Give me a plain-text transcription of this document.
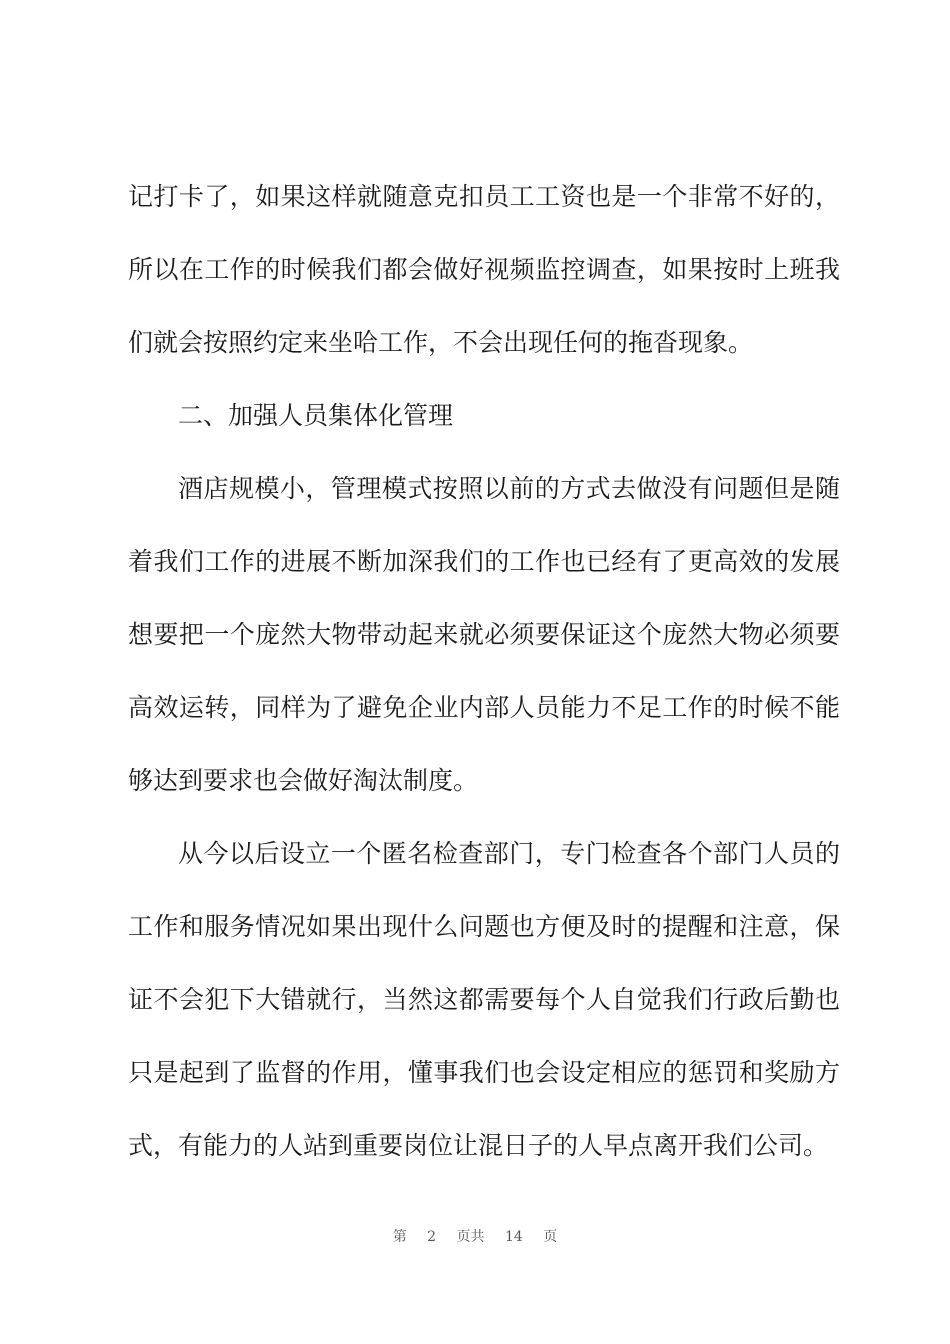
记打卡了，如果这样就随意克扣员工工资也是一个非常不好的，
所以在工作的时候我们都会做好视频监控调查，如果按时上班我
们就会按照约定来坐哈工作，不会出现任何的拖沓现象。
二、加强人员集体化管理
酒店规模小，管理模式按照以前的方式去做没有问题但是随
着我们工作的进展不断加深我们的工作也已经有了更高效的发展
想要把一个庞然大物带动起来就必须要保证这个庞然大物必须要
高效运转，同样为了避免企业内部人员能力不足工作的时候不能
够达到要求也会做好淘汰制度。
从今以后设立一个匿名检查部门，专门检查各个部门人员的
工作和服务情况如果出现什么问题也方便及时的提醒和注意，保
证不会犯下大错就行，当然这都需要每个人自觉我们行政后勤也
只是起到了监督的作用，懂事我们也会设定相应的惩罚和奖励方
式，有能力的人站到重要岗位让混日子的人早点离开我们公司。
第 2 页共 14 页
